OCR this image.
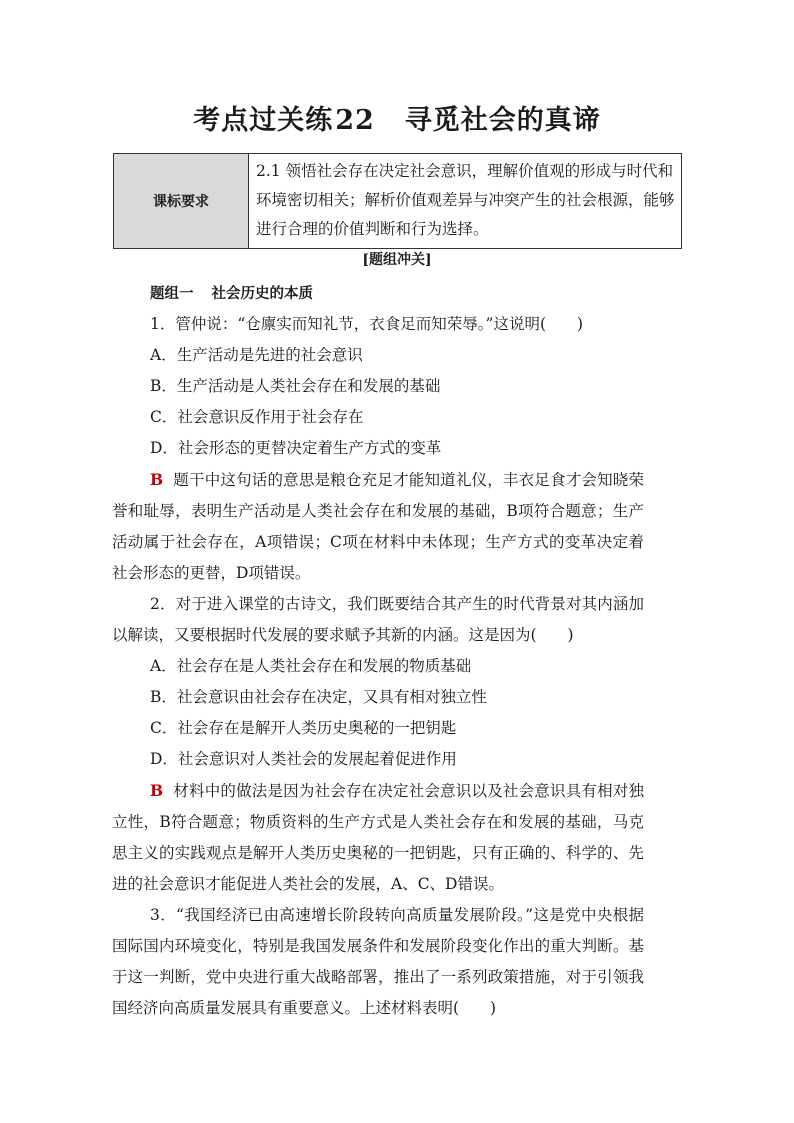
考点过关练22 寻觅社会的真谛
课标要求	2.1 领悟社会存在决定社会意识，理解价值观的形成与时代和环境密切相关；解析价值观差异与冲突产生的社会根源，能够进行合理的价值判断和行为选择。
[题组冲关]
题组一 社会历史的本质
1．管仲说：“仓廪实而知礼节，衣食足而知荣辱。”这说明(　　)
A．生产活动是先进的社会意识
B．生产活动是人类社会存在和发展的基础
C．社会意识反作用于社会存在
D．社会形态的更替决定着生产方式的变革
B 题干中这句话的意思是粮仓充足才能知道礼仪，丰衣足食才会知晓荣誉和耻辱，表明生产活动是人类社会存在和发展的基础，B项符合题意；生产活动属于社会存在，A项错误；C项在材料中未体现；生产方式的变革决定着社会形态的更替，D项错误。
2．对于进入课堂的古诗文，我们既要结合其产生的时代背景对其内涵加以解读，又要根据时代发展的要求赋予其新的内涵。这是因为(　　)
A．社会存在是人类社会存在和发展的物质基础
B．社会意识由社会存在决定，又具有相对独立性
C．社会存在是解开人类历史奥秘的一把钥匙
D．社会意识对人类社会的发展起着促进作用
B 材料中的做法是因为社会存在决定社会意识以及社会意识具有相对独立性，B符合题意；物质资料的生产方式是人类社会存在和发展的基础，马克思主义的实践观点是解开人类历史奥秘的一把钥匙，只有正确的、科学的、先进的社会意识才能促进人类社会的发展，A、C、D错误。
3．“我国经济已由高速增长阶段转向高质量发展阶段。”这是党中央根据国际国内环境变化，特别是我国发展条件和发展阶段变化作出的重大判断。基于这一判断，党中央进行重大战略部署，推出了一系列政策措施，对于引领我国经济向高质量发展具有重要意义。上述材料表明(　　)
